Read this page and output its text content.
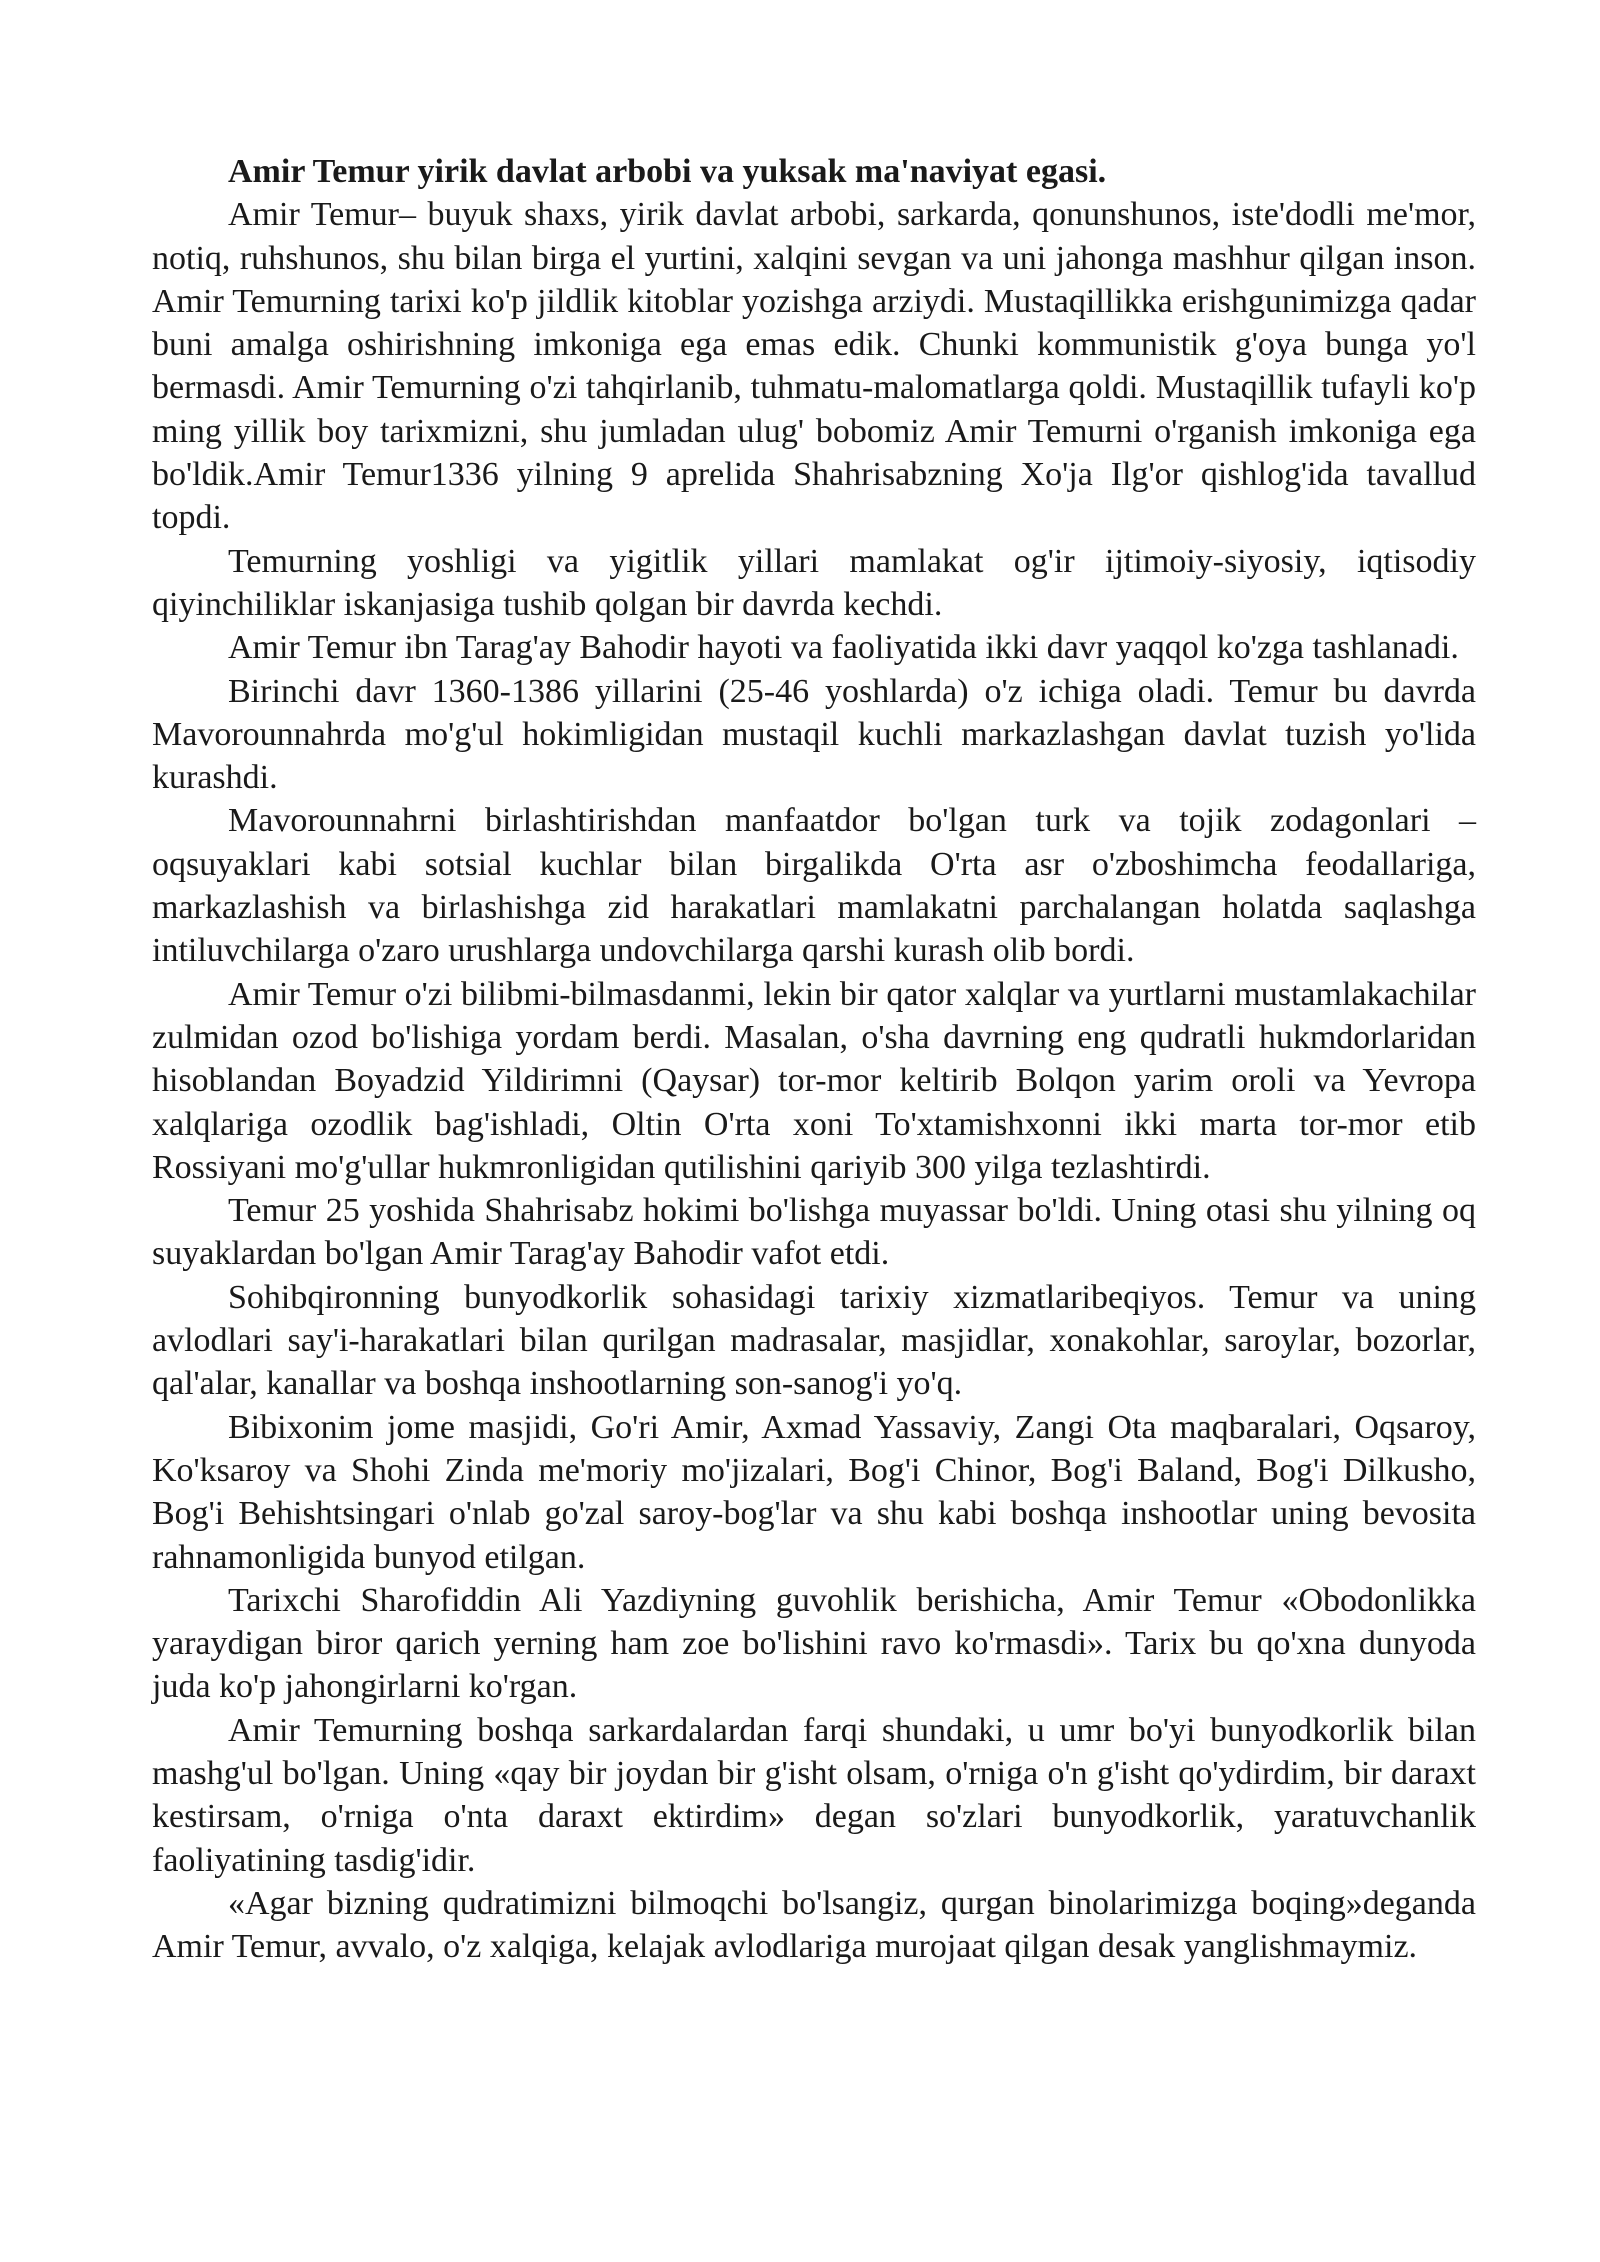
Amir Temur yirik davlat arbobi va yuksak ma'naviyat egasi.

Amir Temur– buyuk shaxs, yirik davlat arbobi, sarkarda, qonunshunos, iste'dodli me'mor, notiq, ruhshunos, shu bilan birga el yurtini, xalqini sevgan va uni jahonga mashhur qilgan inson. Amir Temurning tarixi ko'p jildlik kitoblar yozishga arziydi. Mustaqillikka erishgunimizga qadar buni amalga oshirishning imkoniga ega emas edik. Chunki kommunistik g'oya bunga yo'l bermasdi. Amir Temurning o'zi tahqirlanib, tuhmatu-malomatlarga qoldi. Mustaqillik tufayli ko'p ming yillik boy tarixmizni, shu jumladan ulug' bobomiz Amir Temurni o'rganish imkoniga ega bo'ldik.Amir Temur1336 yilning 9 aprelida Shahrisabzning Xo'ja Ilg'or qishlog'ida tavallud topdi.

Temurning yoshligi va yigitlik yillari mamlakat og'ir ijtimoiy-siyosiy, iqtisodiy qiyinchiliklar iskanjasiga tushib qolgan bir davrda kechdi.

Amir Temur ibn Tarag'ay Bahodir hayoti va faoliyatida ikki davr yaqqol ko'zga tashlanadi.

Birinchi davr 1360-1386 yillarini (25-46 yoshlarda) o'z ichiga oladi. Temur bu davrda Mavorounnahrda mo'g'ul hokimligidan mustaqil kuchli markazlashgan davlat tuzish yo'lida kurashdi.

Mavorounnahrni birlashtirishdan manfaatdor bo'lgan turk va tojik zodagonlari – oqsuyaklari kabi sotsial kuchlar bilan birgalikda O'rta asr o'zboshimcha feodallariga, markazlashish va birlashishga zid harakatlari mamlakatni parchalangan holatda saqlashga intiluvchilarga o'zaro urushlarga undovchilarga qarshi kurash olib bordi.

Amir Temur o'zi bilibmi-bilmasdanmi, lekin bir qator xalqlar va yurtlarni mustamlakachilar zulmidan ozod bo'lishiga yordam berdi. Masalan, o'sha davrning eng qudratli hukmdorlaridan hisoblandan Boyadzid Yildirimni (Qaysar) tor-mor keltirib Bolqon yarim oroli va Yevropa xalqlariga ozodlik bag'ishladi, Oltin O'rta xoni To'xtamishxonni ikki marta tor-mor etib Rossiyani mo'g'ullar hukmronligidan qutilishini qariyib 300 yilga tezlashtirdi.

Temur 25 yoshida Shahrisabz hokimi bo'lishga muyassar bo'ldi. Uning otasi shu yilning oq suyaklardan bo'lgan Amir Tarag'ay Bahodir vafot etdi.

Sohibqironning bunyodkorlik sohasidagi tarixiy xizmatlaribeqiyos. Temur va uning avlodlari say'i-harakatlari bilan qurilgan madrasalar, masjidlar, xonakohlar, saroylar, bozorlar, qal'alar, kanallar va boshqa inshootlarning son-sanog'i yo'q.

Bibixonim jome masjidi, Go'ri Amir, Axmad Yassaviy, Zangi Ota maqbaralari, Oqsaroy, Ko'ksaroy va Shohi Zinda me'moriy mo'jizalari, Bog'i Chinor, Bog'i Baland, Bog'i Dilkusho, Bog'i Behishtsingari o'nlab go'zal saroy-bog'lar va shu kabi boshqa inshootlar uning bevosita rahnamonligida bunyod etilgan.

Tarixchi Sharofiddin Ali Yazdiyning guvohlik berishicha, Amir Temur «Obodonlikka yaraydigan biror qarich yerning ham zoe bo'lishini ravo ko'rmasdi». Tarix bu qo'xna dunyoda juda ko'p jahongirlarni ko'rgan.

Amir Temurning boshqa sarkardalardan farqi shundaki, u umr bo'yi bunyodkorlik bilan mashg'ul bo'lgan. Uning «qay bir joydan bir g'isht olsam, o'rniga o'n g'isht qo'ydirdim, bir daraxt kestirsam, o'rniga o'nta daraxt ektirdim» degan so'zlari bunyodkorlik, yaratuvchanlik faoliyatining tasdig'idir.

«Agar bizning qudratimizni bilmoqchi bo'lsangiz, qurgan binolarimizga boqing»deganda Amir Temur, avvalo, o'z xalqiga, kelajak avlodlariga murojaat qilgan desak yanglishmaymiz.
